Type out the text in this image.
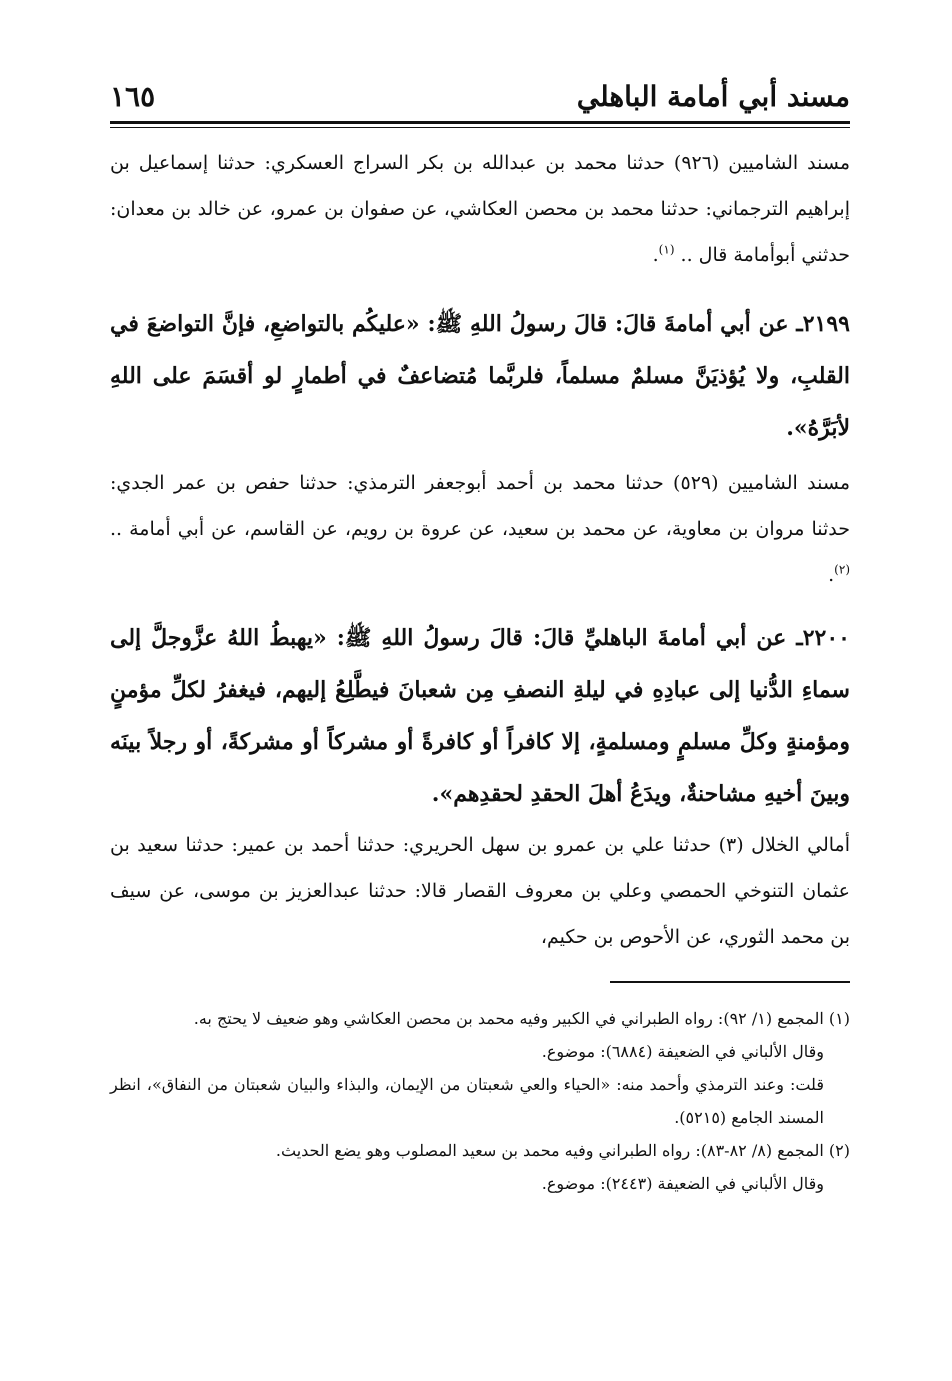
مسند أبي أمامة الباهلي
١٦٥

مسند الشاميين (٩٢٦) حدثنا محمد بن عبدالله بن بكر السراج العسكري: حدثنا إسماعيل بن إبراهيم الترجماني: حدثنا محمد بن محصن العكاشي، عن صفوان بن عمرو، عن خالد بن معدان: حدثني أبوأمامة قال .. $^{(١)}$.

٢١٩٩ـ عن أبي أمامةَ قالَ: قالَ رسولُ اللهِ ﷺ: «عليكُم بالتواضعِ، فإنَّ التواضعَ في القلبِ، ولا يُؤذيَنَّ مسلمٌ مسلماً، فلربَّما مُتضاعفٌ في أطمارٍ لو أقسَمَ على اللهِ لأبَرَّهُ».

مسند الشاميين (٥٢٩) حدثنا محمد بن أحمد أبوجعفر الترمذي: حدثنا حفص بن عمر الجدي: حدثنا مروان بن معاوية، عن محمد بن سعيد، عن عروة بن رويم، عن القاسم، عن أبي أمامة .. $^{(٢)}$.

٢٢٠٠ـ عن أبي أمامةَ الباهليِّ قالَ: قالَ رسولُ اللهِ ﷺ: «يهبطُ اللهُ عزَّوجلَّ إلى سماءِ الدُّنيا إلى عبادِهِ في ليلةِ النصفِ مِن شعبانَ فيطَّلِعُ إليهم، فيغفرُ لكلِّ مؤمنٍ ومؤمنةٍ وكلِّ مسلمٍ ومسلمةٍ، إلا كافراً أو كافرةً أو مشركاً أو مشركةً، أو رجلاً بينَه وبينَ أخيهِ مشاحنةٌ، ويدَعُ أهلَ الحقدِ لحقدِهم».

أمالي الخلال (٣) حدثنا علي بن عمرو بن سهل الحريري: حدثنا أحمد بن عمير: حدثنا سعيد بن عثمان التنوخي الحمصي وعلي بن معروف القصار قالا: حدثنا عبدالعزيز بن موسى، عن سيف بن محمد الثوري، عن الأحوص بن حكيم،

(١) المجمع (١/ ٩٢): رواه الطبراني في الكبير وفيه محمد بن محصن العكاشي وهو ضعيف لا يحتج به.

وقال الألباني في الضعيفة (٦٨٨٤): موضوع.

قلت: وعند الترمذي وأحمد منه: «الحياء والعي شعبتان من الإيمان، والبذاء والبيان شعبتان من النفاق»، انظر المسند الجامع (٥٢١٥).

(٢) المجمع (٨/ ٨٢-٨٣): رواه الطبراني وفيه محمد بن سعيد المصلوب وهو يضع الحديث.

وقال الألباني في الضعيفة (٢٤٤٣): موضوع.
